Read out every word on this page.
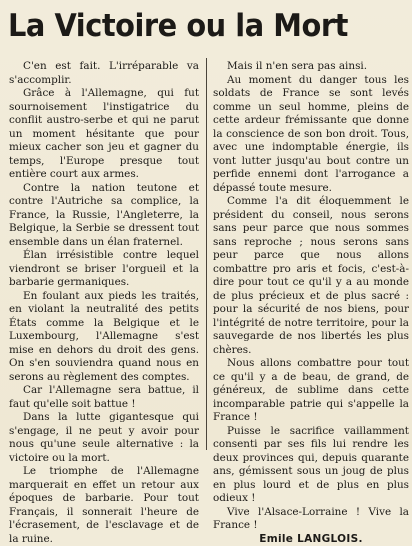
La Victoire ou la Mort

C'en est fait. L'irréparable va s'accomplir.

Grâce à l'Allemagne, qui fut sournoisement l'instigatrice du conflit austro-serbe et qui ne parut un moment hésitante que pour mieux cacher son jeu et gagner du temps, l'Europe presque tout entière court aux armes.

Contre la nation teutone et contre l'Autriche sa complice, la France, la Russie, l'Angleterre, la Belgique, la Serbie se dressent tout ensemble dans un élan fraternel.

Élan irrésistible contre lequel viendront se briser l'orgueil et la barbarie germaniques.

En foulant aux pieds les traités, en violant la neutralité des petits États comme la Belgique et le Luxembourg, l'Allemagne s'est mise en dehors du droit des gens. On s'en souviendra quand nous en serons au règlement des comptes.

Car l'Allemagne sera battue, il faut qu'elle soit battue !

Dans la lutte gigantesque qui s'engage, il ne peut y avoir pour nous qu'une seule alternative : la victoire ou la mort.

Le triomphe de l'Allemagne marquerait en effet un retour aux époques de barbarie. Pour tout Français, il sonnerait l'heure de l'écrasement, de l'esclavage et de la ruine.

Mais il n'en sera pas ainsi.

Au moment du danger tous les soldats de France se sont levés comme un seul homme, pleins de cette ardeur frémissante que donne la conscience de son bon droit. Tous, avec une indomptable énergie, ils vont lutter jusqu'au bout contre un perfide ennemi dont l'arrogance a dépassé toute mesure.

Comme l'a dit éloquemment le président du conseil, nous serons sans peur parce que nous sommes sans reproche ; nous serons sans peur parce que nous allons combattre pro aris et focis, c'est-à-dire pour tout ce qu'il y a au monde de plus précieux et de plus sacré : pour la sécurité de nos biens, pour l'intégrité de notre territoire, pour la sauvegarde de nos libertés les plus chères.

Nous allons combattre pour tout ce qu'il y a de beau, de grand, de généreux, de sublime dans cette incomparable patrie qui s'appelle la France !

Puisse le sacrifice vaillamment consenti par ses fils lui rendre les deux provinces qui, depuis quarante ans, gémissent sous un joug de plus en plus lourd et de plus en plus odieux !

Vive l'Alsace-Lorraine ! Vive la France !

Emile LANGLOIS.
